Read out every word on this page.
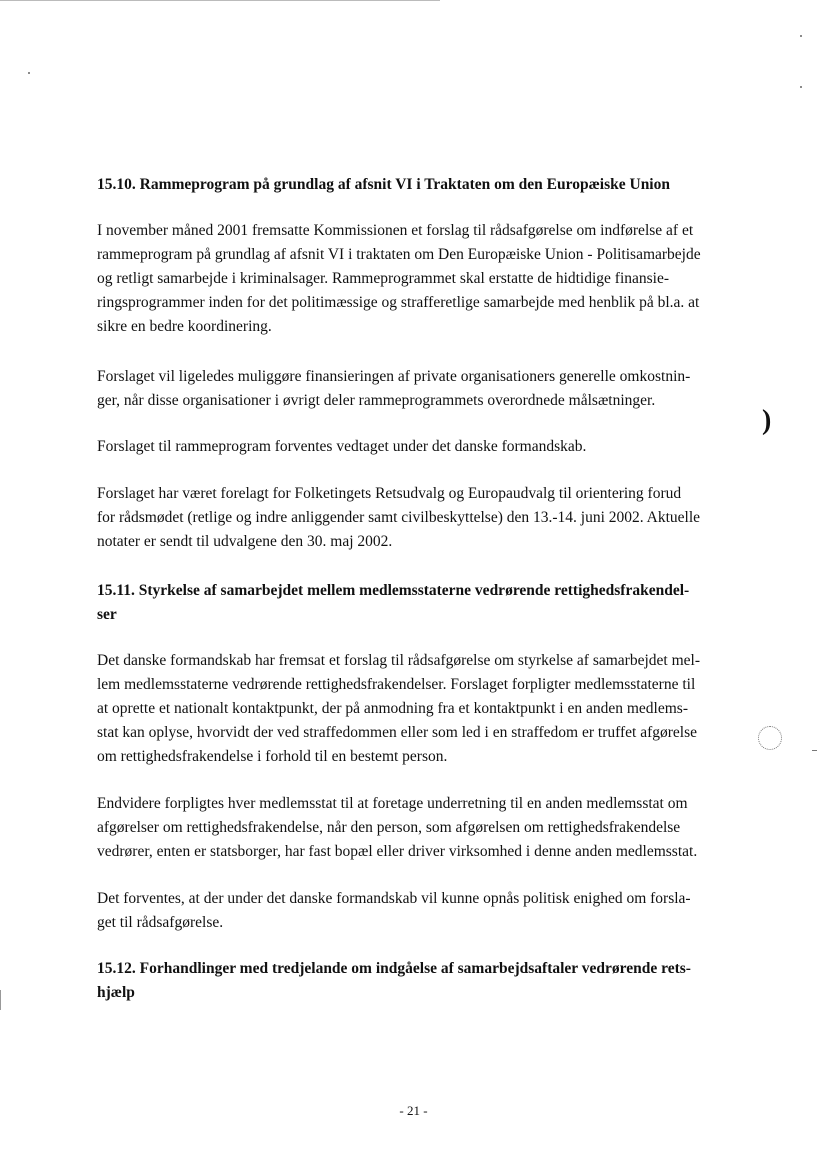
)
15.10. Rammeprogram på grundlag af afsnit VI i Traktaten om den Europæiske Union

I november måned 2001 fremsatte Kommissionen et forslag til rådsafgørelse om indførelse af et
rammeprogram på grundlag af afsnit VI i traktaten om Den Europæiske Union - Politisamarbejde
og retligt samarbejde i kriminalsager. Rammeprogrammet skal erstatte de hidtidige finansie-
ringsprogrammer inden for det politimæssige og strafferetlige samarbejde med henblik på bl.a. at
sikre en bedre koordinering.

Forslaget vil ligeledes muliggøre finansieringen af private organisationers generelle omkostnin-
ger, når disse organisationer i øvrigt deler rammeprogrammets overordnede målsætninger.

Forslaget til rammeprogram forventes vedtaget under det danske formandskab.

Forslaget har været forelagt for Folketingets Retsudvalg og Europaudvalg til orientering forud
for rådsmødet (retlige og indre anliggender samt civilbeskyttelse) den 13.-14. juni 2002. Aktuelle
notater er sendt til udvalgene den 30. maj 2002.

15.11. Styrkelse af samarbejdet mellem medlemsstaterne vedrørende rettighedsfrakendel-
ser

Det danske formandskab har fremsat et forslag til rådsafgørelse om styrkelse af samarbejdet mel-
lem medlemsstaterne vedrørende rettighedsfrakendelser. Forslaget forpligter medlemsstaterne til
at oprette et nationalt kontaktpunkt, der på anmodning fra et kontaktpunkt i en anden medlems-
stat kan oplyse, hvorvidt der ved straffedommen eller som led i en straffedom er truffet afgørelse
om rettighedsfrakendelse i forhold til en bestemt person.

Endvidere forpligtes hver medlemsstat til at foretage underretning til en anden medlemsstat om
afgørelser om rettighedsfrakendelse, når den person, som afgørelsen om rettighedsfrakendelse
vedrører, enten er statsborger, har fast bopæl eller driver virksomhed i denne anden medlemsstat.

Det forventes, at der under det danske formandskab vil kunne opnås politisk enighed om forsla-
get til rådsafgørelse.

15.12. Forhandlinger med tredjelande om indgåelse af samarbejdsaftaler vedrørende rets-
hjælp
- 21 -
